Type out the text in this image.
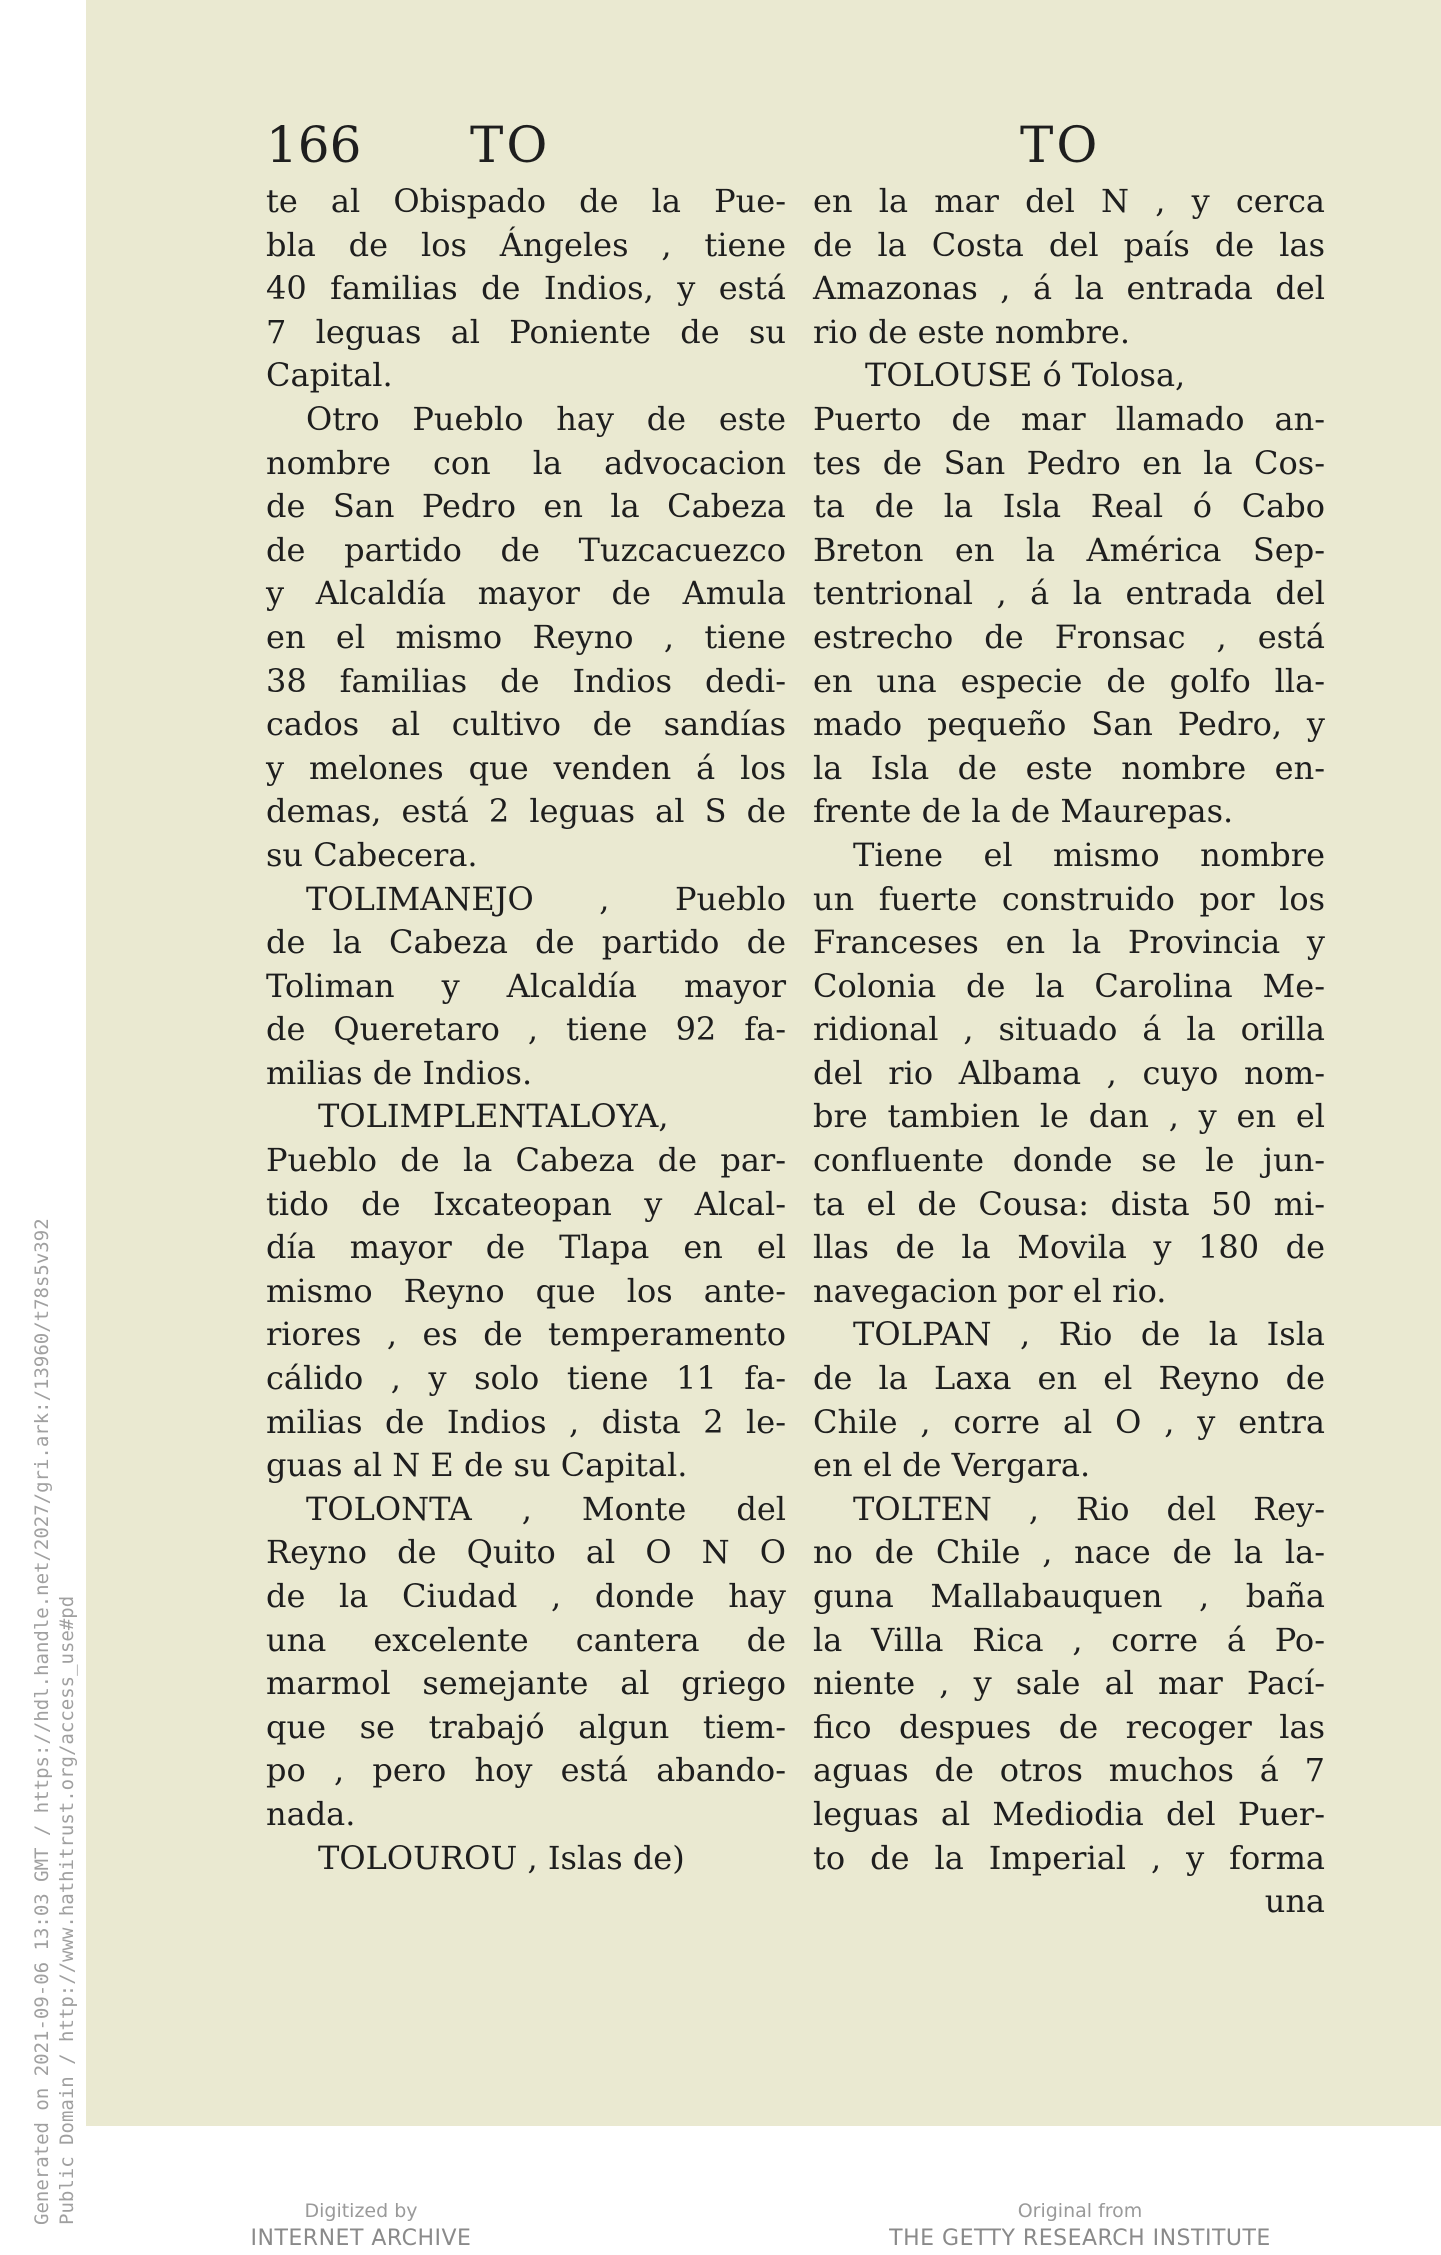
Generated on 2021-09-06 13:03 GMT / https://hdl.handle.net/2027/gri.ark:/13960/t78s5v392 Public Domain / http://www.hathitrust.org/access_use#pd
166 TO	TO
te al Obispado de la Pue-
bla de los Ángeles , tiene
40 familias de Indios, y está
7 leguas al Poniente de su
Capital.
Otro Pueblo hay de este
nombre con la advocacion
de San Pedro en la Cabeza
de partido de Tuzcacuezco
y Alcaldía mayor de Amula
en el mismo Reyno , tiene
38 familias de Indios dedi-
cados al cultivo de sandías
y melones que venden á los
demas, está 2 leguas al S de
su Cabecera.
TOLIMANEJO , Pueblo
de la Cabeza de partido de
Toliman y Alcaldía mayor
de Queretaro , tiene 92 fa-
milias de Indios.
TOLIMPLENTALOYA,
Pueblo de la Cabeza de par-
tido de Ixcateopan y Alcal-
día mayor de Tlapa en el
mismo Reyno que los ante-
riores , es de temperamento
cálido , y solo tiene 11 fa-
milias de Indios , dista 2 le-
guas al N E de su Capital.
TOLONTA , Monte del
Reyno de Quito al O N O
de la Ciudad , donde hay
una excelente cantera de
marmol semejante al griego
que se trabajó algun tiem-
po , pero hoy está abando-
nada.
TOLOUROU , Islas de)
en la mar del N , y cerca
de la Costa del país de las
Amazonas , á la entrada del
rio de este nombre.
TOLOUSE ó Tolosa,
Puerto de mar llamado an-
tes de San Pedro en la Cos-
ta de la Isla Real ó Cabo
Breton en la América Sep-
tentrional , á la entrada del
estrecho de Fronsac , está
en una especie de golfo lla-
mado pequeño San Pedro, y
la Isla de este nombre en-
frente de la de Maurepas.
Tiene el mismo nombre
un fuerte construido por los
Franceses en la Provincia y
Colonia de la Carolina Me-
ridional , situado á la orilla
del rio Albama , cuyo nom-
bre tambien le dan , y en el
confluente donde se le jun-
ta el de Cousa: dista 50 mi-
llas de la Movila y 180 de
navegacion por el rio.
TOLPAN , Rio de la Isla
de la Laxa en el Reyno de
Chile , corre al O , y entra
en el de Vergara.
TOLTEN , Rio del Rey-
no de Chile , nace de la la-
guna Mallabauquen , baña
la Villa Rica , corre á Po-
niente , y sale al mar Pací-
fico despues de recoger las
aguas de otros muchos á 7
leguas al Mediodia del Puer-
to de la Imperial , y forma
una
Digitized by
INTERNET ARCHIVE
Original from
THE GETTY RESEARCH INSTITUTE
